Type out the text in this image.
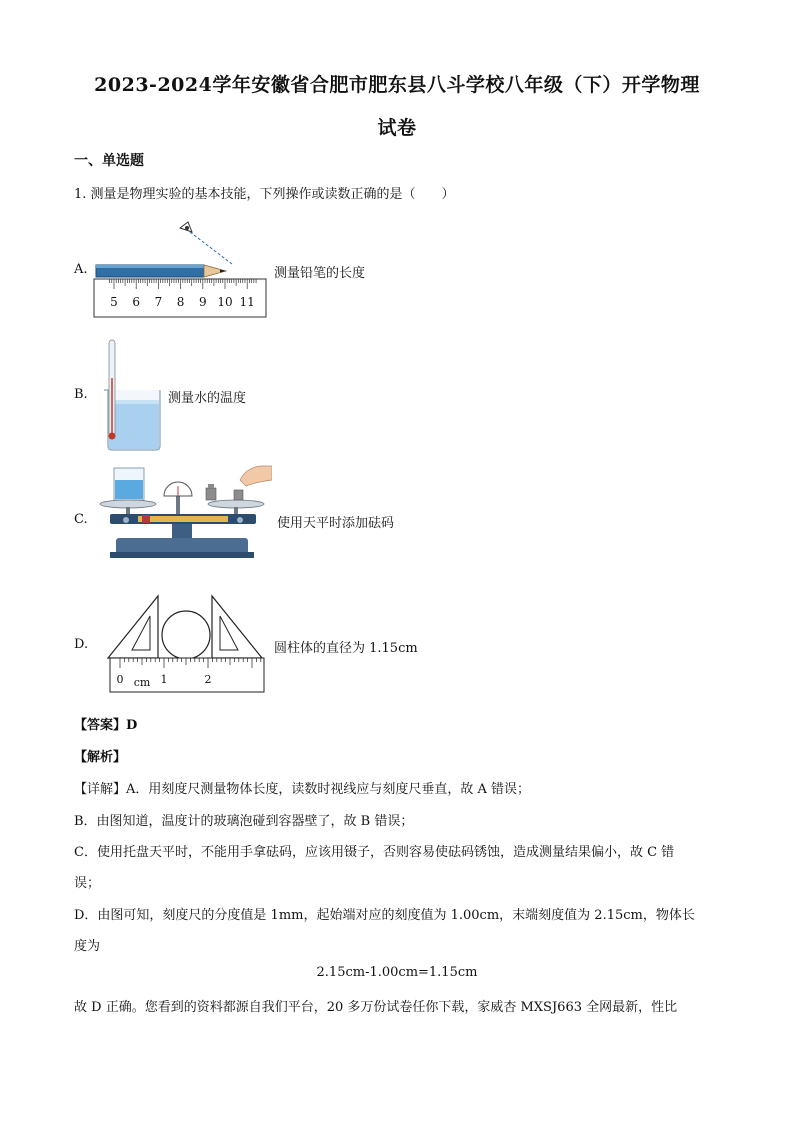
2023-2024学年安徽省合肥市肥东县八斗学校八年级（下）开学物理
试卷
一、单选题
1. 测量是物理实验的基本技能，下列操作或读数正确的是（　　）
A.
5 6 7 8 9 10 11
测量铅笔的长度
B.	测量水的温度
C.	使用天平时添加砝码
D.
0 cm 1	2
圆柱体的直径为 1.15cm
【答案】D
【解析】
【详解】A．用刻度尺测量物体长度，读数时视线应与刻度尺垂直，故 A 错误；
B．由图知道，温度计的玻璃泡碰到容器壁了，故 B 错误；
C．使用托盘天平时，不能用手拿砝码，应该用镊子，否则容易使砝码锈蚀，造成测量结果偏小，故 C 错
误；
D．由图可知，刻度尺的分度值是 1mm，起始端对应的刻度值为 1.00cm，末端刻度值为 2.15cm，物体长
度为
2.15cm-1.00cm=1.15cm
故 D 正确。您看到的资料都源自我们平台，20 多万份试卷任你下载，家威杏 MXSJ663 全网最新，性比
